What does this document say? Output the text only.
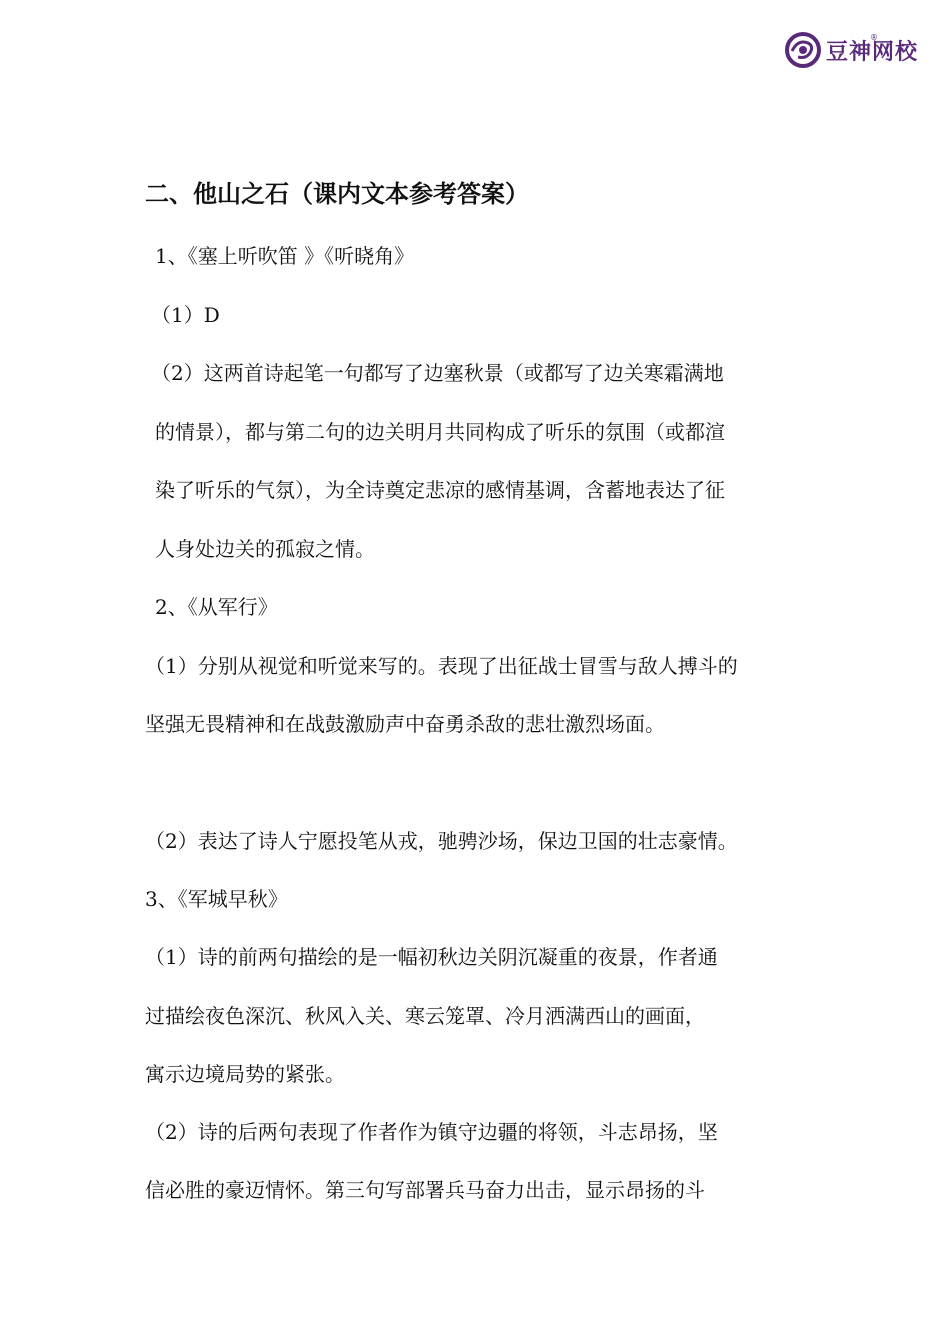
豆神网校
®
二、他山之石（课内文本参考答案）
1、《塞上听吹笛 》《听晓角》
（1）D
（2）这两首诗起笔一句都写了边塞秋景（或都写了边关寒霜满地
的情景），都与第二句的边关明月共同构成了听乐的氛围（或都渲
染了听乐的气氛），为全诗奠定悲凉的感情基调，含蓄地表达了征
人身处边关的孤寂之情。
2、《从军行》
（1）分别从视觉和听觉来写的。表现了出征战士冒雪与敌人搏斗的
坚强无畏精神和在战鼓激励声中奋勇杀敌的悲壮激烈场面。
（2）表达了诗人宁愿投笔从戎，驰骋沙场，保边卫国的壮志豪情。
3、《军城早秋》
（1）诗的前两句描绘的是一幅初秋边关阴沉凝重的夜景，作者通
过描绘夜色深沉、秋风入关、寒云笼罩、冷月洒满西山的画面，
寓示边境局势的紧张。
（2）诗的后两句表现了作者作为镇守边疆的将领，斗志昂扬，坚
信必胜的豪迈情怀。第三句写部署兵马奋力出击，显示昂扬的斗
